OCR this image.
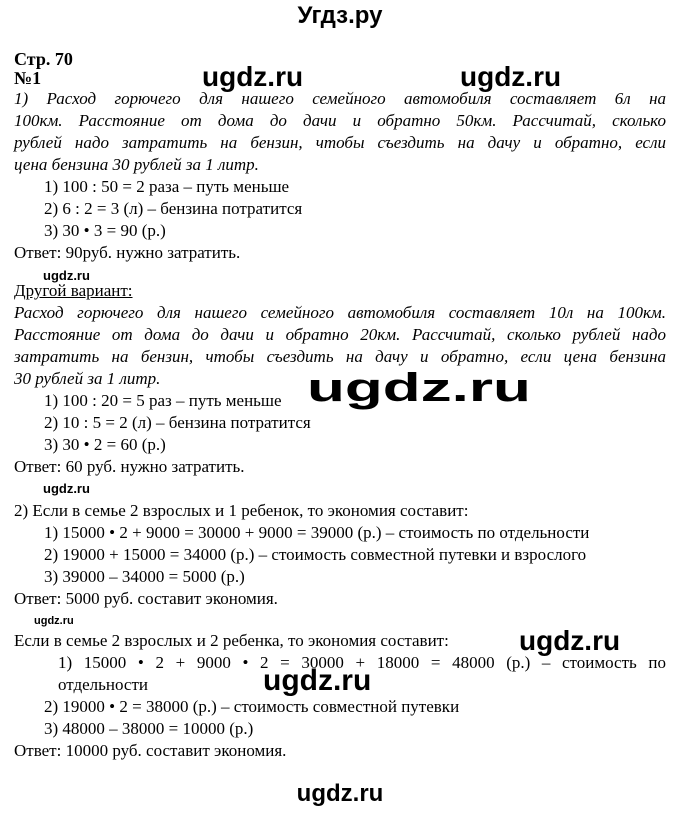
Угдз.ру
Стр. 70
№1
1) Расход горючего для нашего семейного автомобиля составляет 6л на
100км. Расстояние от дома до дачи и обратно 50км. Рассчитай, сколько
рублей надо затратить на бензин, чтобы съездить на дачу и обратно, если
цена бензина 30 рублей за 1 литр.
1) 100 : 50 = 2 раза – путь меньше
2) 6 : 2 = 3 (л) – бензина потратится
3) 30 • 3 = 90 (р.)
Ответ: 90руб. нужно затратить.
Другой вариант:
Расход горючего для нашего семейного автомобиля составляет 10л на 100км.
Расстояние от дома до дачи и обратно 20км. Рассчитай, сколько рублей надо
затратить на бензин, чтобы съездить на дачу и обратно, если цена бензина
30 рублей за 1 литр.
1) 100 : 20 = 5 раз – путь меньше
2) 10 : 5 = 2 (л) – бензина потратится
3) 30 • 2 = 60 (р.)
Ответ: 60 руб. нужно затратить.
2) Если в семье 2 взрослых и 1 ребенок, то экономия составит:
1) 15000 • 2 + 9000 = 30000 + 9000 = 39000 (р.) – стоимость по отдельности
2) 19000 + 15000 = 34000 (р.) – стоимость совместной путевки и взрослого
3) 39000 – 34000 = 5000 (р.)
Ответ: 5000 руб. составит экономия.
Если в семье 2 взрослых и 2 ребенка, то экономия составит:
1) 15000 • 2 + 9000 • 2 = 30000 + 18000 = 48000 (р.) – стоимость по
отдельности
2) 19000 • 2 = 38000 (р.) – стоимость совместной путевки
3) 48000 – 38000 = 10000 (р.)
Ответ: 10000 руб. составит экономия.
ugdz.ru	ugdz.ru
ugdz.ru
ugdz.ru
ugdz.ru
ugdz.ru
ugdz.ru
ugdz.ru
ugdz.ru
